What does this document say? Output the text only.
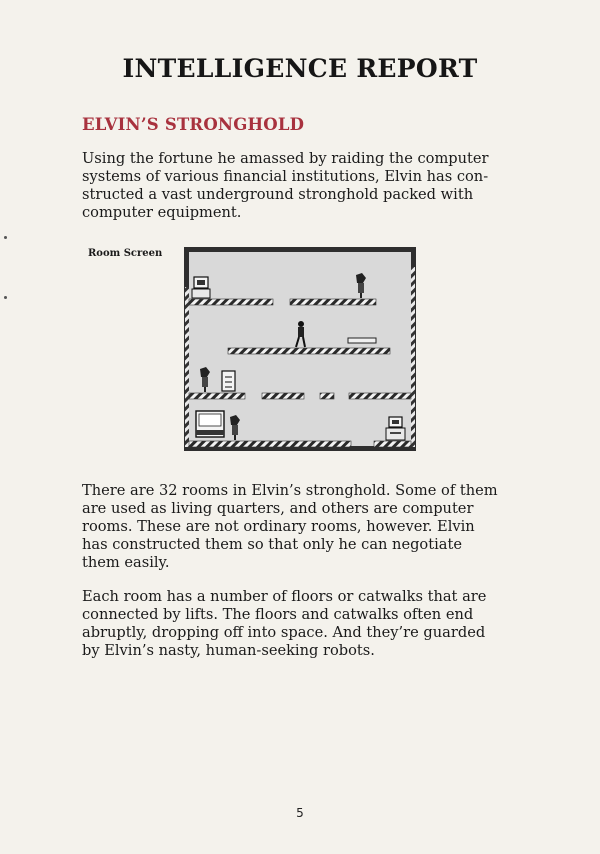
INTELLIGENCE REPORT
ELVIN’S STRONGHOLD
Using the fortune he amassed by raiding the computer
systems of various financial institutions, Elvin has con-
structed a vast underground stronghold packed with
computer equipment.
Room Screen
There are 32 rooms in Elvin’s stronghold. Some of them
are used as living quarters, and others are computer
rooms. These are not ordinary rooms, however. Elvin
has constructed them so that only he can negotiate
them easily.
Each room has a number of floors or catwalks that are
connected by lifts. The floors and catwalks often end
abruptly, dropping off into space. And they’re guarded
by Elvin’s nasty, human-seeking robots.
5
